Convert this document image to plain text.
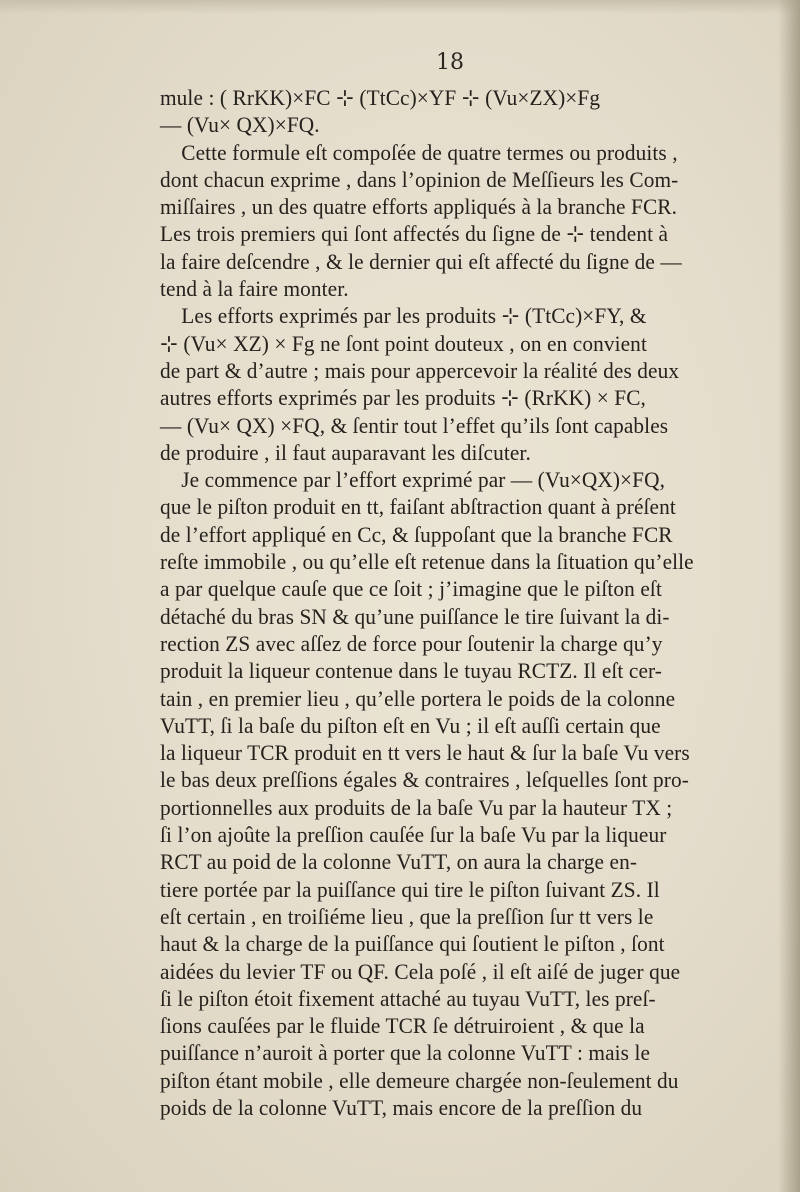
18
mule : ( RrKK)×FC ⊹ (TtCc)×YF ⊹ (Vu×ZX)×Fg
— (Vu× QX)×FQ.
Cette formule eſt compoſée de quatre termes ou produits ,
dont chacun exprime , dans l’opinion de Meſſieurs les Com-
miſſaires , un des quatre efforts appliqués à la branche FCR.
Les trois premiers qui ſont affectés du ſigne de ⊹ tendent à
la faire deſcendre , & le dernier qui eſt affecté du ſigne de —
tend à la faire monter.
Les efforts exprimés par les produits ⊹ (TtCc)×FY, &
⊹ (Vu× XZ) × Fg ne ſont point douteux , on en convient
de part & d’autre ; mais pour appercevoir la réalité des deux
autres efforts exprimés par les produits ⊹ (RrKK) × FC,
— (Vu× QX) ×FQ, & ſentir tout l’effet qu’ils ſont capables
de produire , il faut auparavant les diſcuter.
Je commence par l’effort exprimé par — (Vu×QX)×FQ,
que le piſton produit en tt, faiſant abſtraction quant à préſent
de l’effort appliqué en Cc, & ſuppoſant que la branche FCR
reſte immobile , ou qu’elle eſt retenue dans la ſituation qu’elle
a par quelque cauſe que ce ſoit ; j’imagine que le piſton eſt
détaché du bras SN & qu’une puiſſance le tire ſuivant la di-
rection ZS avec aſſez de force pour ſoutenir la charge qu’y
produit la liqueur contenue dans le tuyau RCTZ. Il eſt cer-
tain , en premier lieu , qu’elle portera le poids de la colonne
VuTT, ſi la baſe du piſton eſt en Vu ; il eſt auſſi certain que
la liqueur TCR produit en tt vers le haut & ſur la baſe Vu vers
le bas deux preſſions égales & contraires , leſquelles ſont pro-
portionnelles aux produits de la baſe Vu par la hauteur TX ;
ſi l’on ajoûte la preſſion cauſée ſur la baſe Vu par la liqueur
RCT au poid de la colonne VuTT, on aura la charge en-
tiere portée par la puiſſance qui tire le piſton ſuivant ZS. Il
eſt certain , en troiſiéme lieu , que la preſſion ſur tt vers le
haut & la charge de la puiſſance qui ſoutient le piſton , ſont
aidées du levier TF ou QF. Cela poſé , il eſt aiſé de juger que
ſi le piſton étoit fixement attaché au tuyau VuTT, les preſ-
ſions cauſées par le fluide TCR ſe détruiroient , & que la
puiſſance n’auroit à porter que la colonne VuTT : mais le
piſton étant mobile , elle demeure chargée non-ſeulement du
poids de la colonne VuTT, mais encore de la preſſion du
